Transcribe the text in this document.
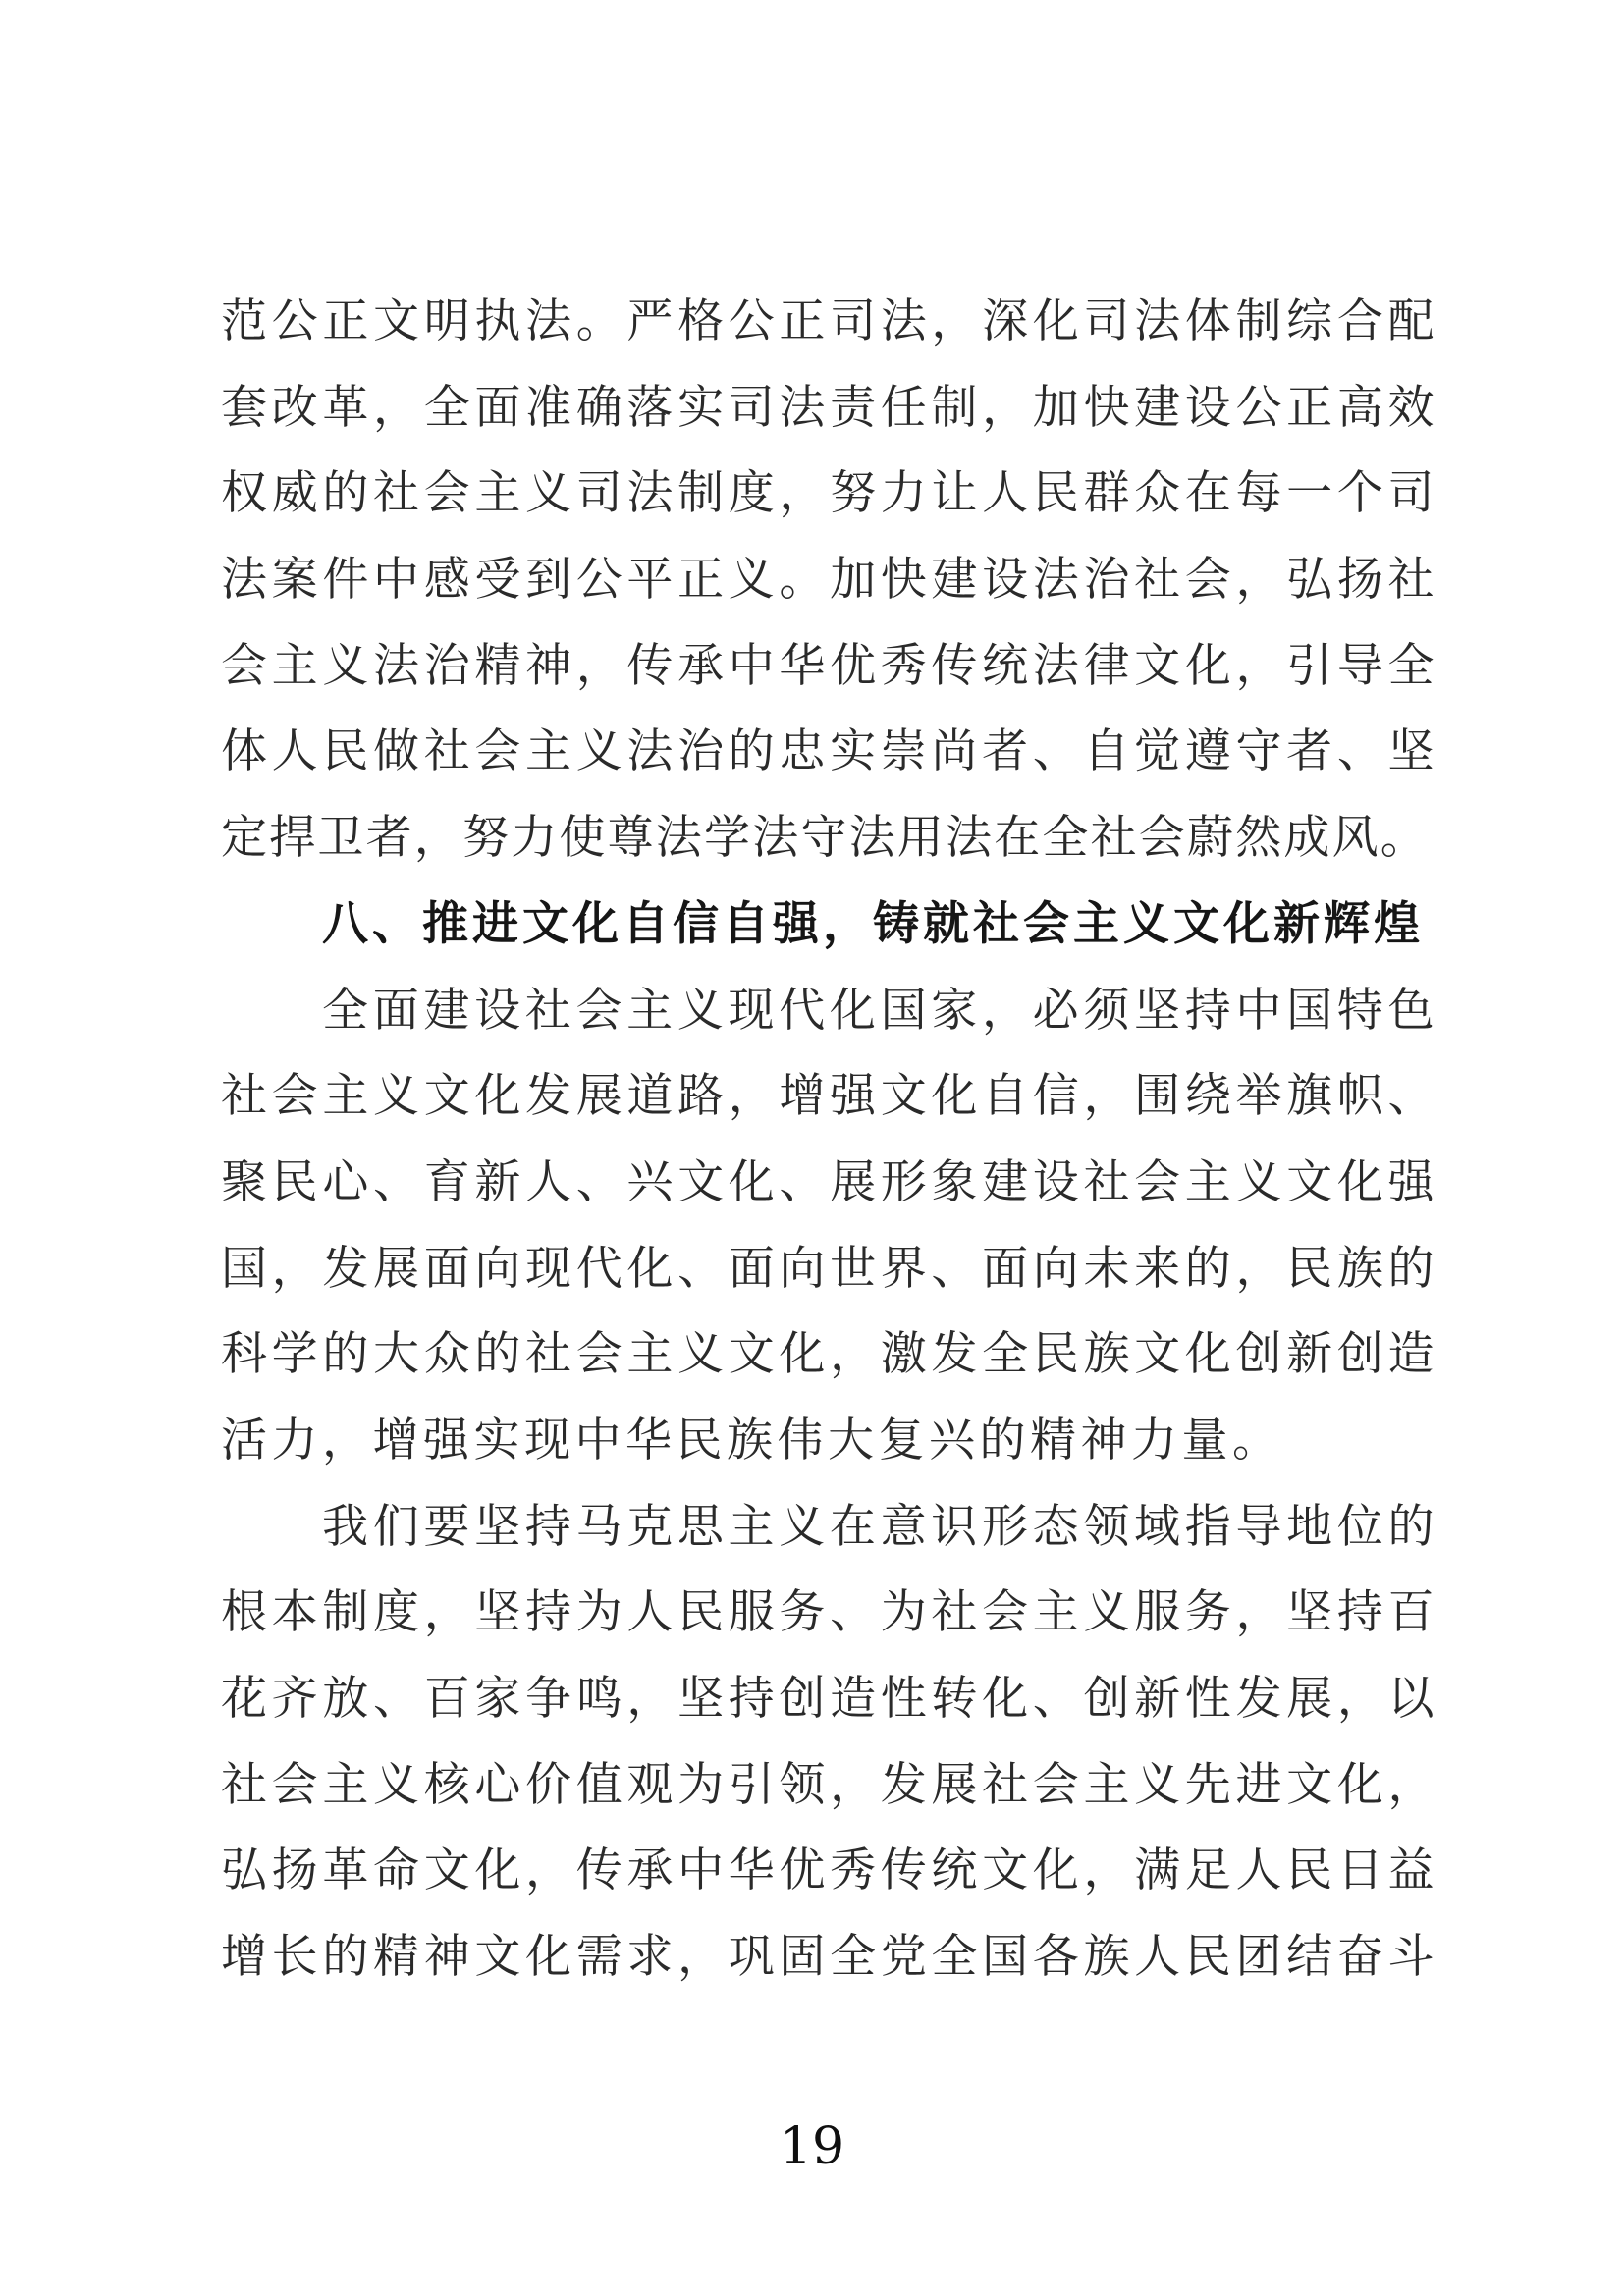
范公正文明执法。严格公正司法，深化司法体制综合配
套改革，全面准确落实司法责任制，加快建设公正高效
权威的社会主义司法制度，努力让人民群众在每一个司
法案件中感受到公平正义。加快建设法治社会，弘扬社
会主义法治精神，传承中华优秀传统法律文化，引导全
体人民做社会主义法治的忠实崇尚者、自觉遵守者、坚
定捍卫者，努力使尊法学法守法用法在全社会蔚然成风。
八、推进文化自信自强，铸就社会主义文化新辉煌
全面建设社会主义现代化国家，必须坚持中国特色
社会主义文化发展道路，增强文化自信，围绕举旗帜、
聚民心、育新人、兴文化、展形象建设社会主义文化强
国，发展面向现代化、面向世界、面向未来的，民族的
科学的大众的社会主义文化，激发全民族文化创新创造
活力，增强实现中华民族伟大复兴的精神力量。
我们要坚持马克思主义在意识形态领域指导地位的
根本制度，坚持为人民服务、为社会主义服务，坚持百
花齐放、百家争鸣，坚持创造性转化、创新性发展，以
社会主义核心价值观为引领，发展社会主义先进文化，
弘扬革命文化，传承中华优秀传统文化，满足人民日益
增长的精神文化需求，巩固全党全国各族人民团结奋斗
19
